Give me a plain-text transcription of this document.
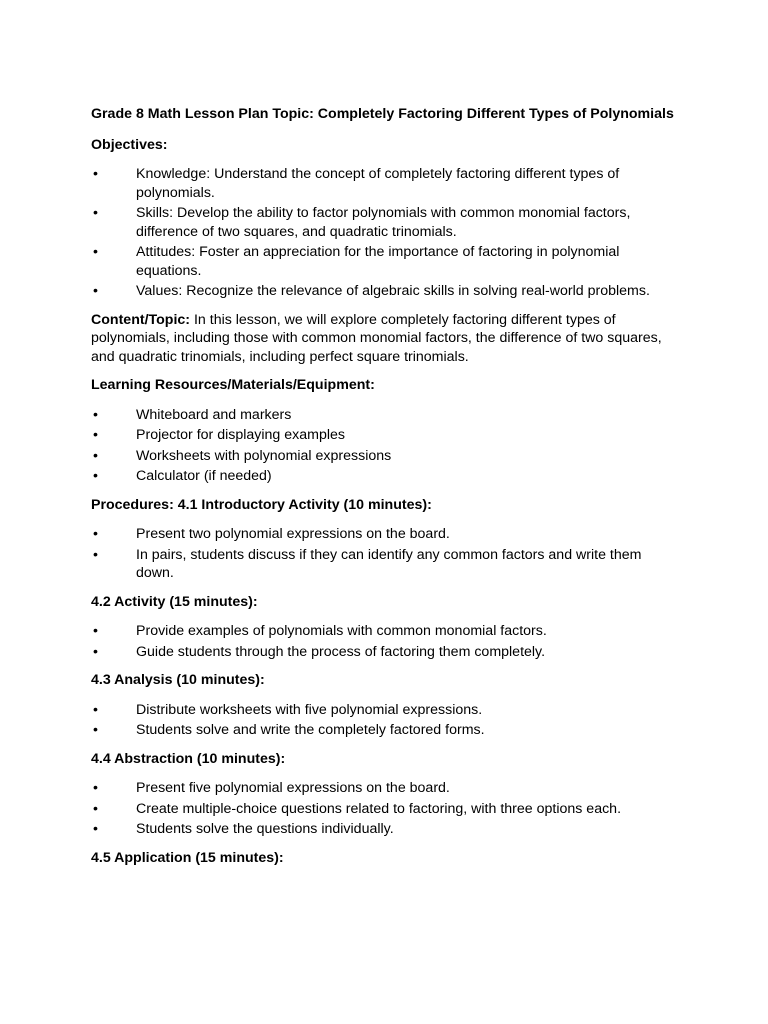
Grade 8 Math Lesson Plan Topic: Completely Factoring Different Types of Polynomials

Objectives:

•	Knowledge: Understand the concept of completely factoring different types of polynomials.
•	Skills: Develop the ability to factor polynomials with common monomial factors, difference of two squares, and quadratic trinomials.
•	Attitudes: Foster an appreciation for the importance of factoring in polynomial equations.
•	Values: Recognize the relevance of algebraic skills in solving real-world problems.

Content/Topic: In this lesson, we will explore completely factoring different types of polynomials, including those with common monomial factors, the difference of two squares, and quadratic trinomials, including perfect square trinomials.

Learning Resources/Materials/Equipment:

•	Whiteboard and markers
•	Projector for displaying examples
•	Worksheets with polynomial expressions
•	Calculator (if needed)

Procedures: 4.1 Introductory Activity (10 minutes):

•	Present two polynomial expressions on the board.
•	In pairs, students discuss if they can identify any common factors and write them down.

4.2 Activity (15 minutes):

•	Provide examples of polynomials with common monomial factors.
•	Guide students through the process of factoring them completely.

4.3 Analysis (10 minutes):

•	Distribute worksheets with five polynomial expressions.
•	Students solve and write the completely factored forms.

4.4 Abstraction (10 minutes):

•	Present five polynomial expressions on the board.
•	Create multiple-choice questions related to factoring, with three options each.
•	Students solve the questions individually.

4.5 Application (15 minutes):
